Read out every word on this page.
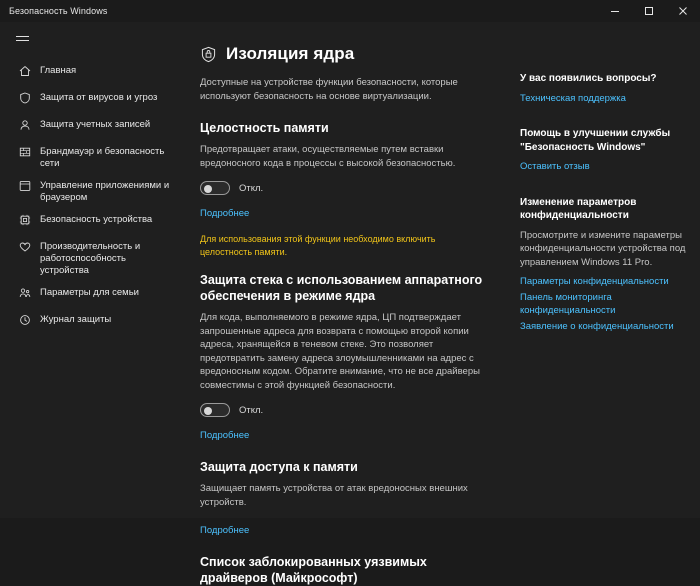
Безопасность Windows
Главная
Защита от вирусов и угроз
Защита учетных записей
Брандмауэр и безопасность сети
Управление приложениями и браузером
Безопасность устройства
Производительность и работоспособность устройства
Параметры для семьи
Журнал защиты
Изоляция ядра
Доступные на устройстве функции безопасности, которые используют безопасность на основе виртуализации.
Целостность памяти
Предотвращает атаки, осуществляемые путем вставки вредоносного кода в процессы с высокой безопасностью.
Откл.
Подробнее
Для использования этой функции необходимо включить целостность памяти.
Защита стека с использованием аппаратного обеспечения в режиме ядра
Для кода, выполняемого в режиме ядра, ЦП подтверждает запрошенные адреса для возврата с помощью второй копии адреса, хранящейся в теневом стеке. Это позволяет предотвратить замену адреса злоумышленниками на адрес с вредоносным кодом. Обратите внимание, что не все драйверы совместимы с этой функцией безопасности.
Откл.
Подробнее
Защита доступа к памяти
Защищает память устройства от атак вредоносных внешних устройств.
Подробнее
Список заблокированных уязвимых драйверов (Майкрософт)
У вас появились вопросы?
Техническая поддержка
Помощь в улучшении службы "Безопасность Windows"
Оставить отзыв
Изменение параметров конфиденциальности

Просмотрите и измените параметры конфиденциальности устройства под управлением Windows 11 Pro.

Параметры конфиденциальности
Панель мониторинга конфиденциальности
Заявление о конфиденциальности
